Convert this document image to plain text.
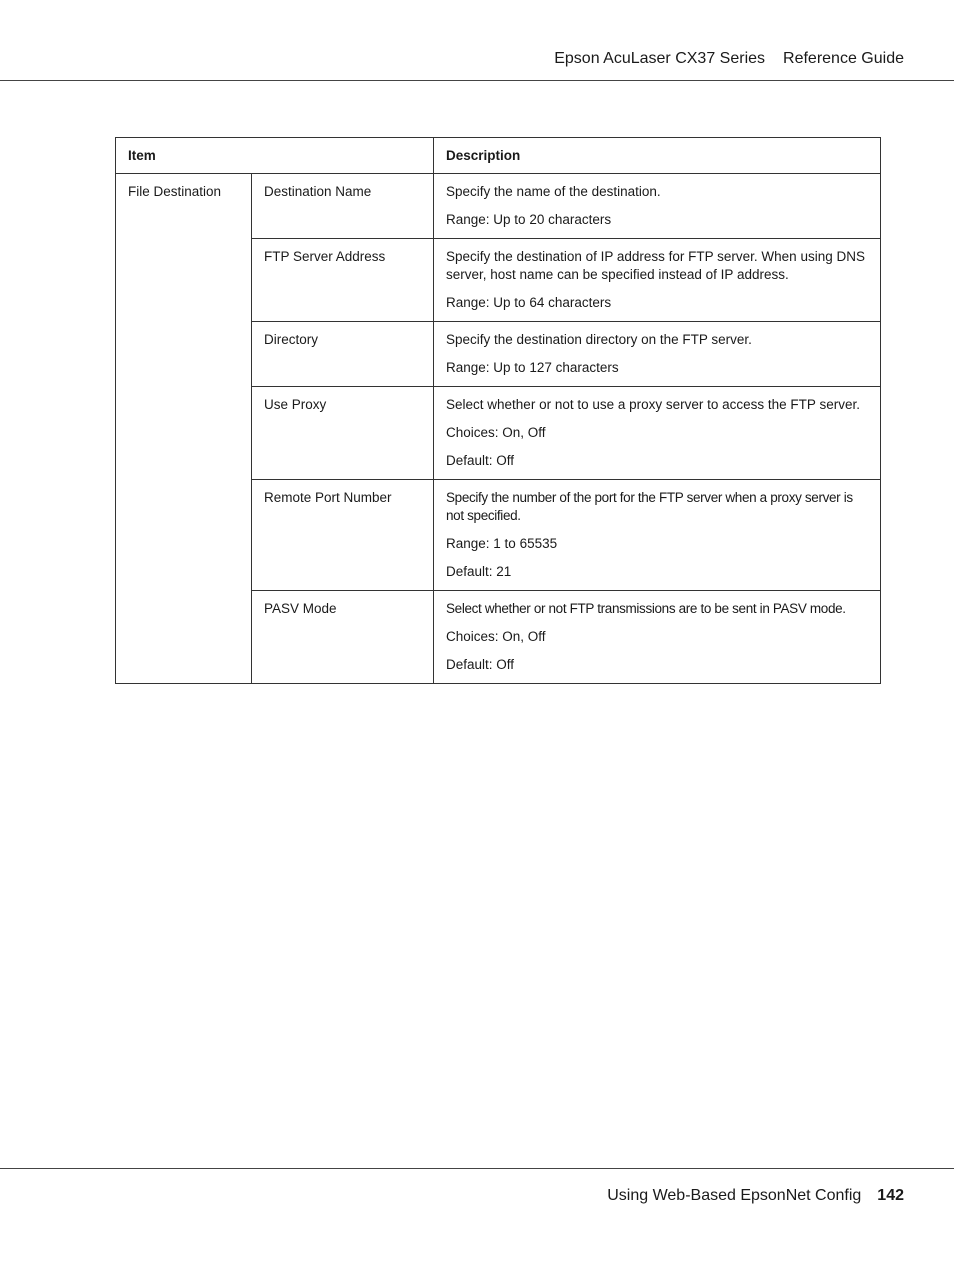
Epson AcuLaser CX37 Series Reference Guide
Item		Description
File Destination	Destination Name	Specify the name of the destination.

Range: Up to 20 characters

	FTP Server Address	Specify the destination of IP address for FTP server. When using DNS server, host name can be specified instead of IP address.

Range: Up to 64 characters

	Directory	Specify the destination directory on the FTP server.

Range: Up to 127 characters

	Use Proxy	Select whether or not to use a proxy server to access the FTP server.

Choices: On, Off

Default: Off

	Remote Port Number	Specify the number of the port for the FTP server when a proxy server is not specified.

Range: 1 to 65535

Default: 21

	PASV Mode	Select whether or not FTP transmissions are to be sent in PASV mode.

Choices: On, Off

Default: Off

Using Web-Based EpsonNet Config 142
